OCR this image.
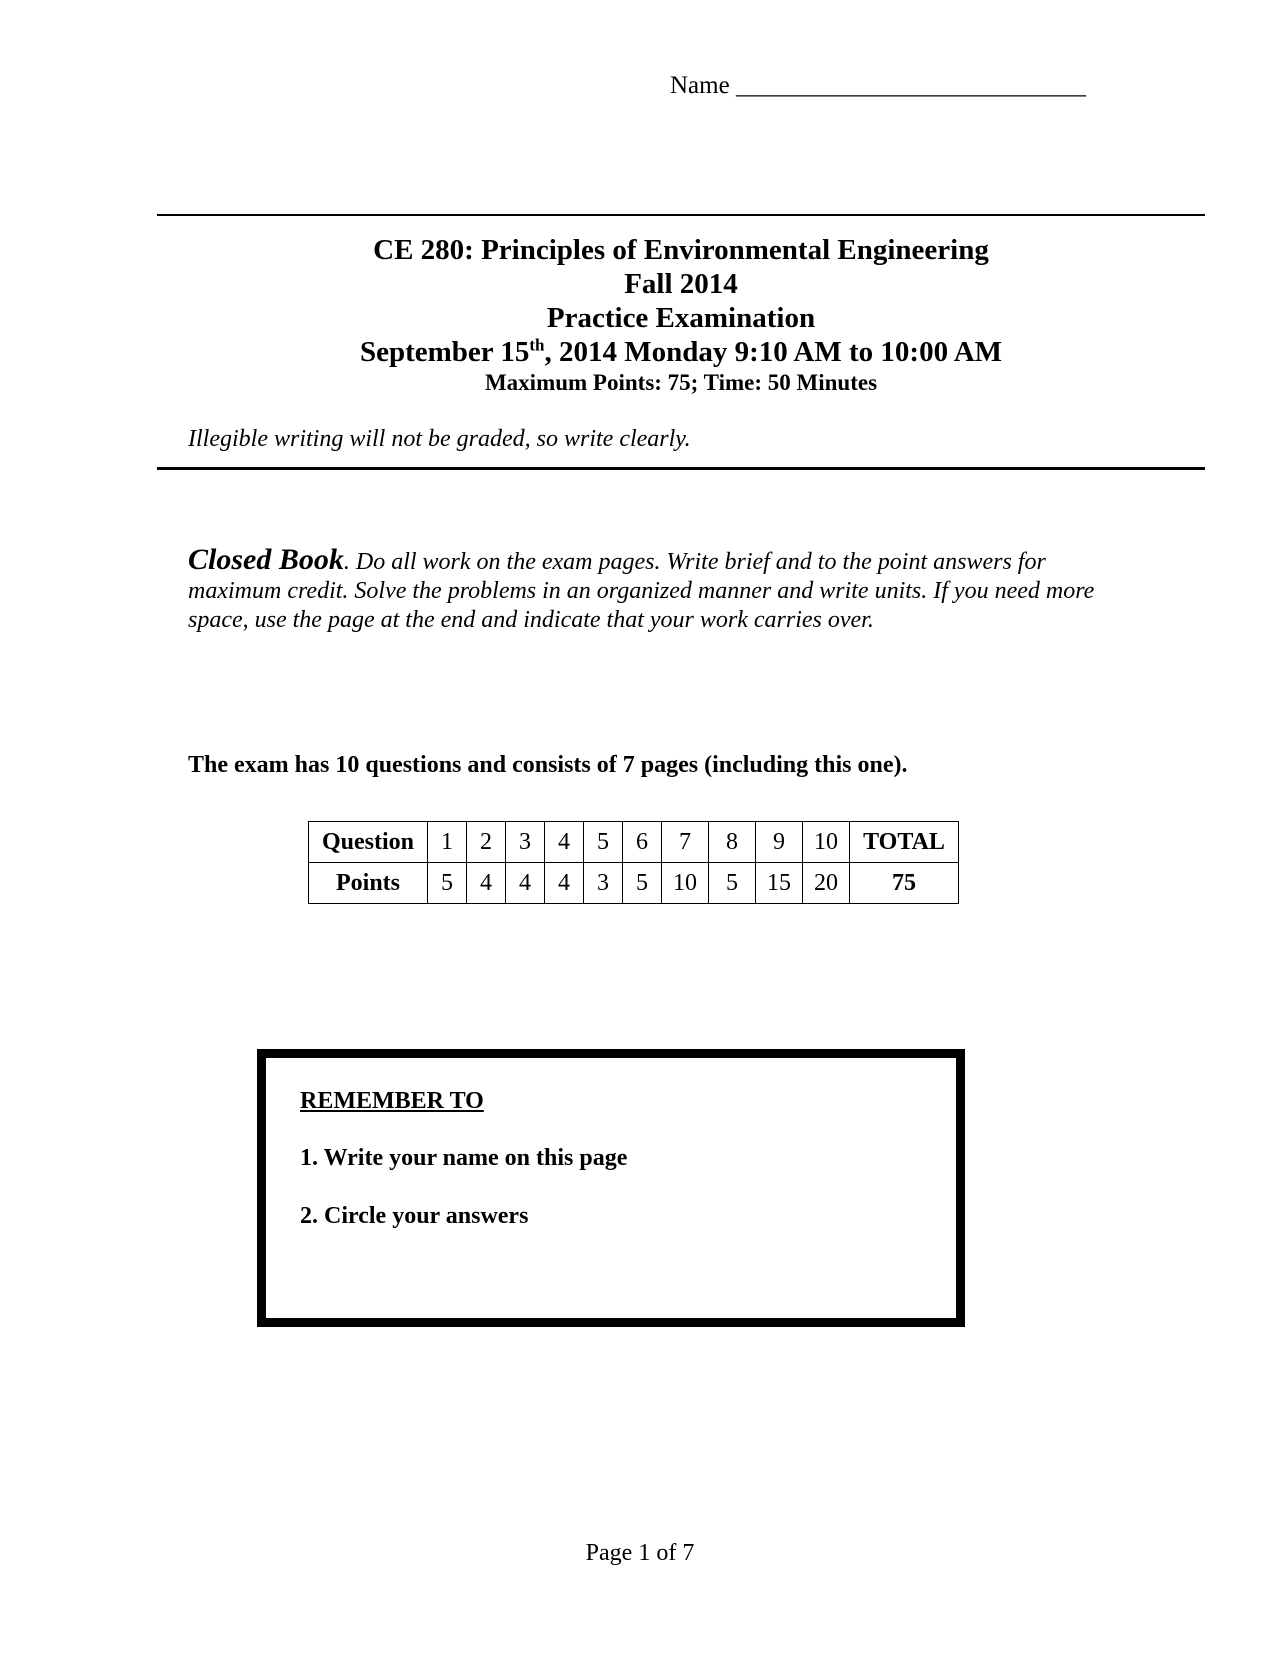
Name ____________________________
CE 280: Principles of Environmental Engineering
Fall 2014
Practice Examination
September 15th, 2014 Monday 9:10 AM to 10:00 AM
Maximum Points: 75; Time: 50 Minutes
Illegible writing will not be graded, so write clearly.
Closed Book. Do all work on the exam pages. Write brief and to the point answers for maximum credit. Solve the problems in an organized manner and write units. If you need more space, use the page at the end and indicate that your work carries over.
The exam has 10 questions and consists of 7 pages (including this one).
Question	1	2	3	4	5	6	7	8	9	10	TOTAL
Points	5	4	4	4	3	5	10	5	15	20	75
REMEMBER TO
1. Write your name on this page
2. Circle your answers
Page 1 of 7
